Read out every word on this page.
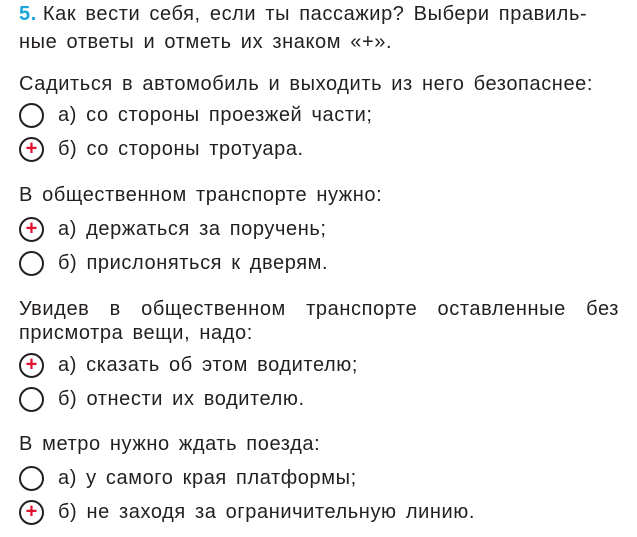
5. Как вести себя, если ты пассажир? Выбери правиль-
ные ответы и отметь их знаком «+».
Садиться в автомобиль и выходить из него безопаснее:
а) со стороны проезжей части;
+ б) со стороны тротуара.
В общественном транспорте нужно:
+ а) держаться за поручень;
б) прислоняться к дверям.
Увидев в общественном транспорте оставленные без
присмотра вещи, надо:
+ а) сказать об этом водителю;
б) отнести их водителю.
В метро нужно ждать поезда:
а) у самого края платформы;
+ б) не заходя за ограничительную линию.
